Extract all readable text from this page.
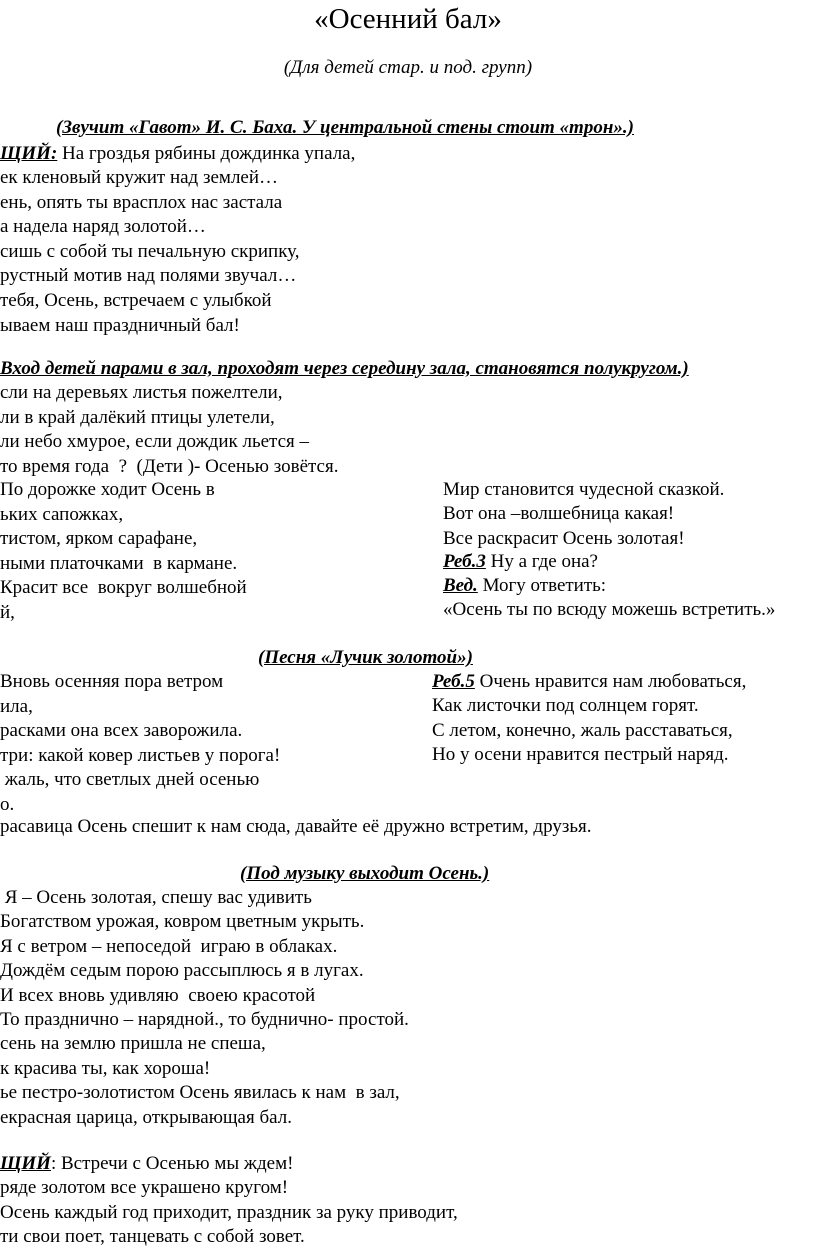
«Осенний бал»
(Для детей стар. и под. групп)
(Звучит «Гавот» И. С. Баха. У центральной стены стоит «трон».)
ЩИЙ: На гроздья рябины дождинка упала,
ек кленовый кружит над землей…
ень, опять ты врасплох нас застала
а надела наряд золотой…
сишь с собой ты печальную скрипку,
рустный мотив над полями звучал…
тебя, Осень, встречаем с улыбкой
ываем наш праздничный бал!
Вход детей парами в зал, проходят через середину зала, становятся полукругом.)
сли на деревьях листья пожелтели,
ли в край далёкий птицы улетели,
ли небо хмурое, если дождик льется –
то время года  ?  (Дети )- Осенью зовётся.
По дорожке ходит Осень в
ьких сапожках,
тистом, ярком сарафане,
ными платочками  в кармане.
Красит все  вокруг волшебной
й,
Мир становится чудесной сказкой.
Вот она –волшебница какая!
Все раскрасит Осень золотая!
Реб.3 Ну а где она?
Вед. Могу ответить:
«Осень ты по всюду можешь встретить.»
(Песня «Лучик золотой»)
Вновь осенняя пора ветром
ила,
расками она всех заворожила.
три: какой ковер листьев у порога!
жаль, что светлых дней осенью
о.
Реб.5 Очень нравится нам любоваться,
Как листочки под солнцем горят.
С летом, конечно, жаль расставаться,
Но у осени нравится пестрый наряд.
расавица Осень спешит к нам сюда, давайте её дружно встретим, друзья.
(Под музыку выходит Осень.)
Я – Осень золотая, спешу вас удивить
Богатством урожая, ковром цветным укрыть.
Я с ветром – непоседой  играю в облаках.
Дождём седым порою рассыплюсь я в лугах.
И всех вновь удивляю  своею красотой
То празднично – нарядной., то буднично- простой.
сень на землю пришла не спеша,
к красива ты, как хороша!
ье пестро-золотистом Осень явилась к нам  в зал,
екрасная царица, открывающая бал.
ЩИЙ: Встречи с Осенью мы ждем!
ряде золотом все украшено кругом!
Осень каждый год приходит, праздник за руку приводит,
ти свои поет, танцевать с собой зовет.
